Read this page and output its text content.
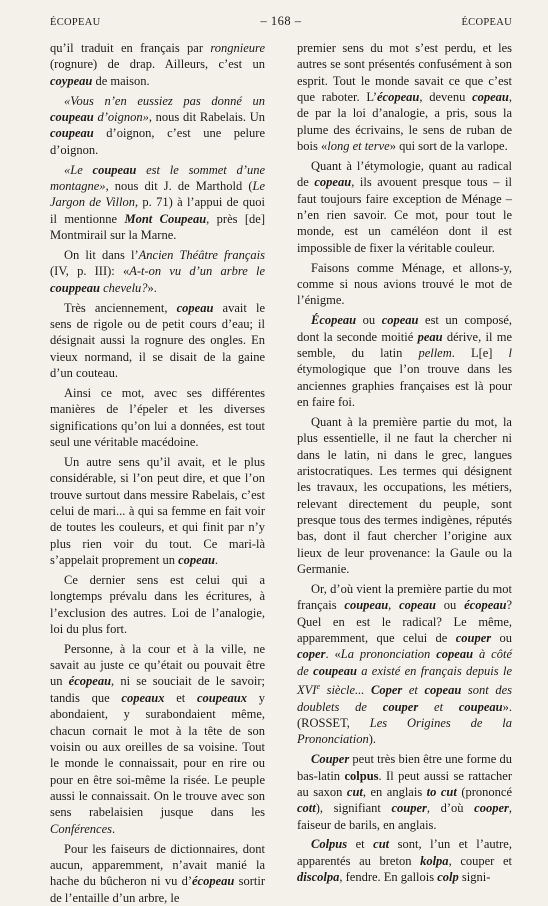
ÉCOPEAU	– 168 –	ÉCOPEAU

qu’il traduit en français par rongnieure (rognure) de drap. Ailleurs, c’est un coypeau de maison.

«Vous n’en eussiez pas donné un coupeau d’oignon», nous dit Rabelais. Un coupeau d’oignon, c’est une pelure d’oignon.

«Le coupeau est le sommet d’une montagne», nous dit J. de Marthold (Le Jargon de Villon, p. 71) à l’appui de quoi il mentionne Mont Coupeau, près [de] Montmirail sur la Marne.

On lit dans l’Ancien Théâtre français (IV, p. III): «A-t-on vu d’un arbre le couppeau chevelu?».

Très anciennement, copeau avait le sens de rigole ou de petit cours d’eau; il désignait aussi la rognure des ongles. En vieux normand, il se disait de la gaine d’un couteau.

Ainsi ce mot, avec ses différentes manières de l’épeler et les diverses significations qu’on lui a données, est tout seul une véritable macédoine.

Un autre sens qu’il avait, et le plus considérable, si l’on peut dire, et que l’on trouve surtout dans messire Rabelais, c’est celui de mari... à qui sa femme en fait voir de toutes les couleurs, et qui finit par n’y plus rien voir du tout. Ce mari-là s’appelait proprement un copeau.

Ce dernier sens est celui qui a longtemps prévalu dans les écritures, à l’exclusion des autres. Loi de l’analogie, loi du plus fort.

Personne, à la cour et à la ville, ne savait au juste ce qu’était ou pouvait être un écopeau, ni se souciait de le savoir; tandis que copeaux et coupeaux y abondaient, y surabondaient même, chacun cornait le mot à la tête de son voisin ou aux oreilles de sa voisine. Tout le monde le connaissait, pour en rire ou pour en être soi-même la risée. Le peuple aussi le connaissait. On le trouve avec son sens rabelaisien jusque dans les Conférences.

Pour les faiseurs de dictionnaires, dont aucun, apparemment, n’avait manié la hache du bûcheron ni vu d’écopeau sortir de l’entaille d’un arbre, le

premier sens du mot s’est perdu, et les autres se sont présentés confusément à son esprit. Tout le monde savait ce que c’est que raboter. L’écopeau, devenu copeau, de par la loi d’analogie, a pris, sous la plume des écrivains, le sens de ruban de bois «long et terve» qui sort de la varlope.

Quant à l’étymologie, quant au radical de copeau, ils avouent presque tous – il faut toujours faire exception de Ménage – n’en rien savoir. Ce mot, pour tout le monde, est un caméléon dont il est impossible de fixer la véritable couleur.

Faisons comme Ménage, et allons-y, comme si nous avions trouvé le mot de l’énigme.

Écopeau ou copeau est un composé, dont la seconde moitié peau dérive, il me semble, du latin pellem. L[e] l étymologique que l’on trouve dans les anciennes graphies françaises est là pour en faire foi.

Quant à la première partie du mot, la plus essentielle, il ne faut la chercher ni dans le latin, ni dans le grec, langues aristocratiques. Les termes qui désignent les travaux, les occupations, les métiers, relevant directement du peuple, sont presque tous des termes indigènes, réputés bas, dont il faut chercher l’origine aux lieux de leur provenance: la Gaule ou la Germanie.

Or, d’où vient la première partie du mot français coupeau, copeau ou écopeau? Quel en est le radical? Le même, apparemment, que celui de couper ou coper. «La prononciation copeau à côté de coupeau a existé en français depuis le XVIe siècle... Coper et copeau sont des doublets de couper et coupeau». (ROSSET, Les Origines de la Prononciation).

Couper peut très bien être une forme du bas-latin colpus. Il peut aussi se rattacher au saxon cut, en anglais to cut (prononcé cott), signifiant couper, d’où cooper, faiseur de barils, en anglais.

Colpus et cut sont, l’un et l’autre, apparentés au breton kolpa, couper et discolpa, fendre. En gallois colp signi-
